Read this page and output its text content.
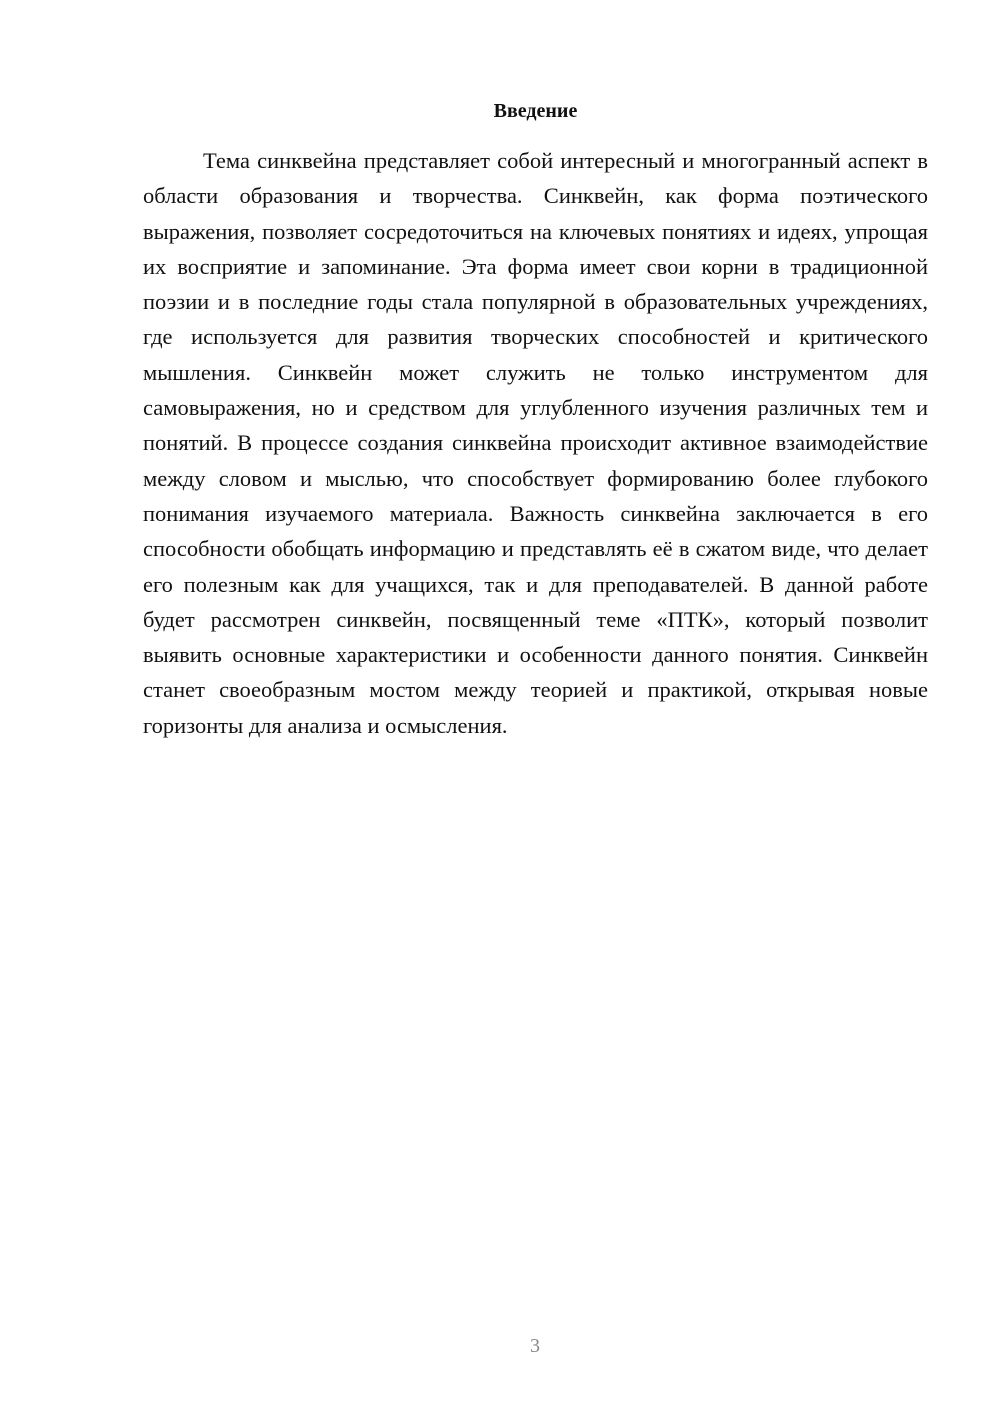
Введение

Тема синквейна представляет собой интересный и многогранный аспект в области образования и творчества. Синквейн, как форма поэтического выражения, позволяет сосредоточиться на ключевых понятиях и идеях, упрощая их восприятие и запоминание. Эта форма имеет свои корни в традиционной поэзии и в последние годы стала популярной в образовательных учреждениях, где используется для развития творческих способностей и критического мышления. Синквейн может служить не только инструментом для самовыражения, но и средством для углубленного изучения различных тем и понятий. В процессе создания синквейна происходит активное взаимодействие между словом и мыслью, что способствует формированию более глубокого понимания изучаемого материала. Важность синквейна заключается в его способности обобщать информацию и представлять её в сжатом виде, что делает его полезным как для учащихся, так и для преподавателей. В данной работе будет рассмотрен синквейн, посвященный теме «ПТК», который позволит выявить основные характеристики и особенности данного понятия. Синквейн станет своеобразным мостом между теорией и практикой, открывая новые горизонты для анализа и осмысления.

3
